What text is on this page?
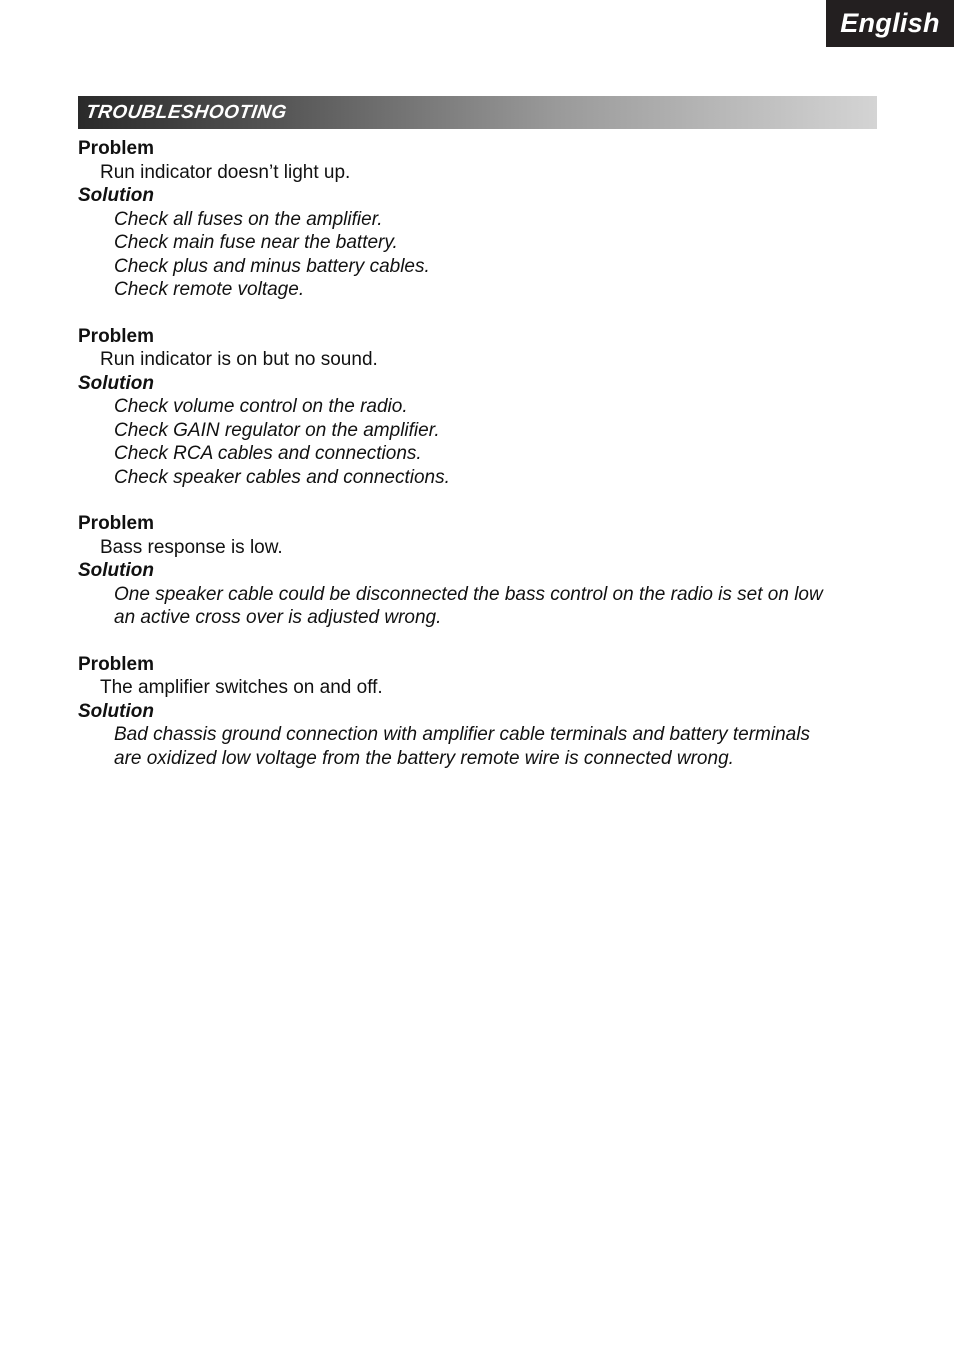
English
TROUBLESHOOTING
Problem
Run indicator doesn’t light up.
Solution
Check all fuses on the amplifier.
Check main fuse near the battery.
Check plus and minus battery cables.
Check remote voltage.
Problem
Run indicator is on but no sound.
Solution
Check volume control on the radio.
Check GAIN regulator on the amplifier.
Check RCA cables and connections.
Check speaker cables and connections.
Problem
Bass response is low.
Solution
One speaker cable could be disconnected the bass control on the radio is set on low
an active cross over is adjusted wrong.
Problem
The amplifier switches on and off.
Solution
Bad chassis ground connection with amplifier cable terminals and battery terminals
are oxidized low voltage from the battery remote wire is connected wrong.
